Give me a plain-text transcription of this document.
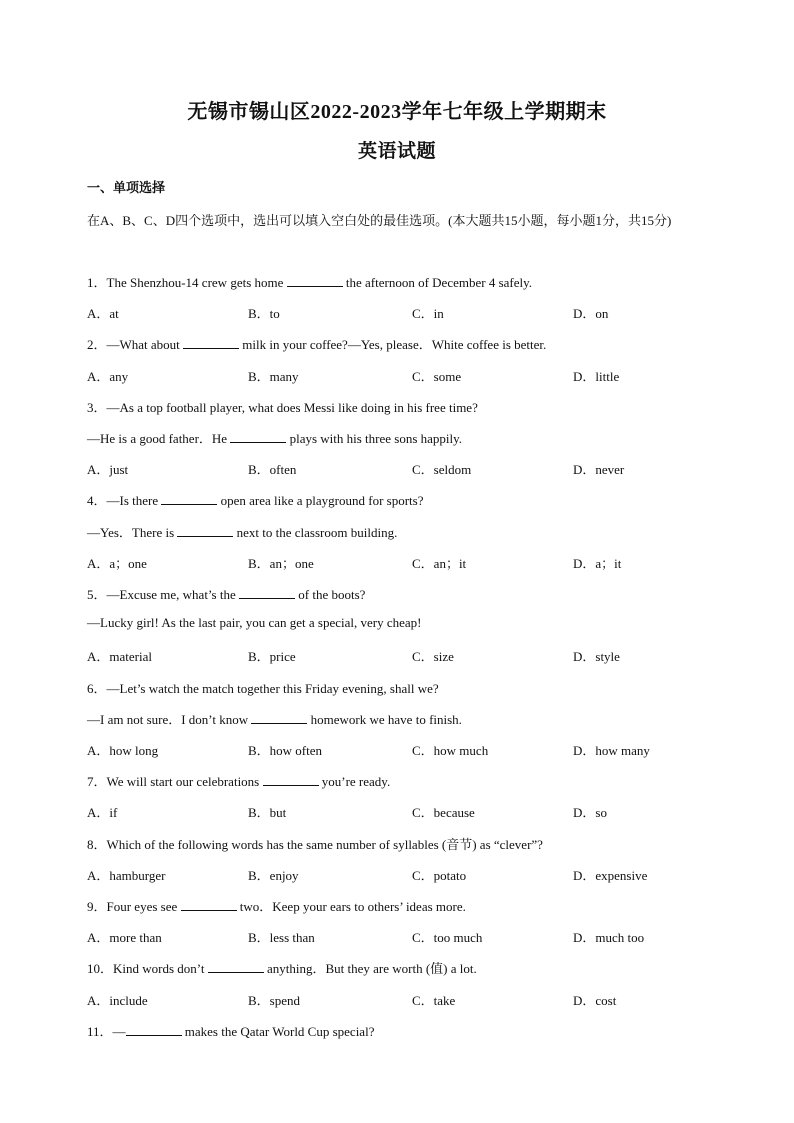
无锡市锡山区2022-2023学年七年级上学期期末
英语试题
一、单项选择
在A、B、C、D四个选项中，选出可以填入空白处的最佳选项。(本大题共15小题，每小题1分，共15分)
1．The Shenzhou-14 crew gets home	the afternoon of December 4 safely.
A．at	B．to	C．in	D．on
2．—What about	milk in your coffee?—Yes, please．White coffee is better.
A．any	B．many	C．some	D．little
3．—As a top football player, what does Messi like doing in his free time?
—He is a good father．He	plays with his three sons happily.
A．just	B．often	C．seldom	D．never
4．—Is there	open area like a playground for sports?
—Yes．There is	next to the classroom building.
A．a；one	B．an；one	C．an；it	D．a；it
5．—Excuse me, what’s the	of the boots?
—Lucky girl! As the last pair, you can get a special, very cheap!
A．material	B．price	C．size	D．style
6．—Let’s watch the match together this Friday evening, shall we?
—I am not sure．I don’t know	homework we have to finish.
A．how long	B．how often	C．how much	D．how many
7．We will start our celebrations	you’re ready.
A．if	B．but	C．because	D．so
8．Which of the following words has the same number of syllables (音节) as “clever”?
A．hamburger	B．enjoy	C．potato	D．expensive
9．Four eyes see	two．Keep your ears to others’ ideas more.
A．more than	B．less than	C．too much	D．much too
10．Kind words don’t	anything．But they are worth (值) a lot.
A．include	B．spend	C．take	D．cost
11．—	makes the Qatar World Cup special?
